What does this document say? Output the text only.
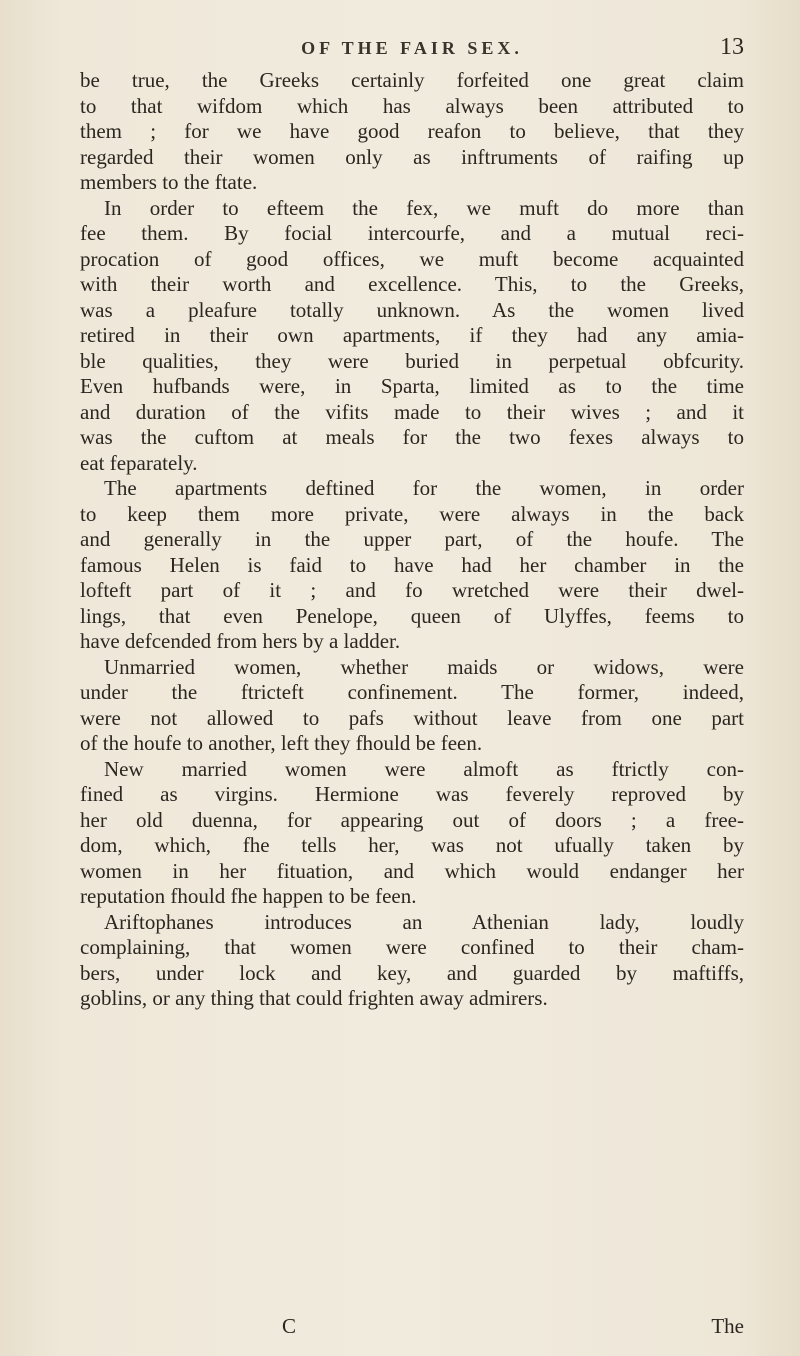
OF THE FAIR SEX.	13
be true, the Greeks certainly forfeited one great claim
to that wifdom which has always been attributed to
them ; for we have good reafon to believe, that they
regarded their women only as inftruments of raifing up
members to the ftate.
In order to efteem the fex, we muft do more than
fee them. By focial intercourfe, and a mutual reci-
procation of good offices, we muft become acquainted
with their worth and excellence. This, to the Greeks,
was a pleafure totally unknown. As the women lived
retired in their own apartments, if they had any amia-
ble qualities, they were buried in perpetual obfcurity.
Even hufbands were, in Sparta, limited as to the time
and duration of the vifits made to their wives ; and it
was the cuftom at meals for the two fexes always to
eat feparately.
The apartments deftined for the women, in order
to keep them more private, were always in the back
and generally in the upper part, of the houfe. The
famous Helen is faid to have had her chamber in the
lofteft part of it ; and fo wretched were their dwel-
lings, that even Penelope, queen of Ulyffes, feems to
have defcended from hers by a ladder.
Unmarried women, whether maids or widows, were
under the ftricteft confinement. The former, indeed,
were not allowed to pafs without leave from one part
of the houfe to another, left they fhould be feen.
New married women were almoft as ftrictly con-
fined as virgins. Hermione was feverely reproved by
her old duenna, for appearing out of doors ; a free-
dom, which, fhe tells her, was not ufually taken by
women in her fituation, and which would endanger her
reputation fhould fhe happen to be feen.
Ariftophanes introduces an Athenian lady, loudly
complaining, that women were confined to their cham-
bers, under lock and key, and guarded by maftiffs,
goblins, or any thing that could frighten away admirers.
C	The
